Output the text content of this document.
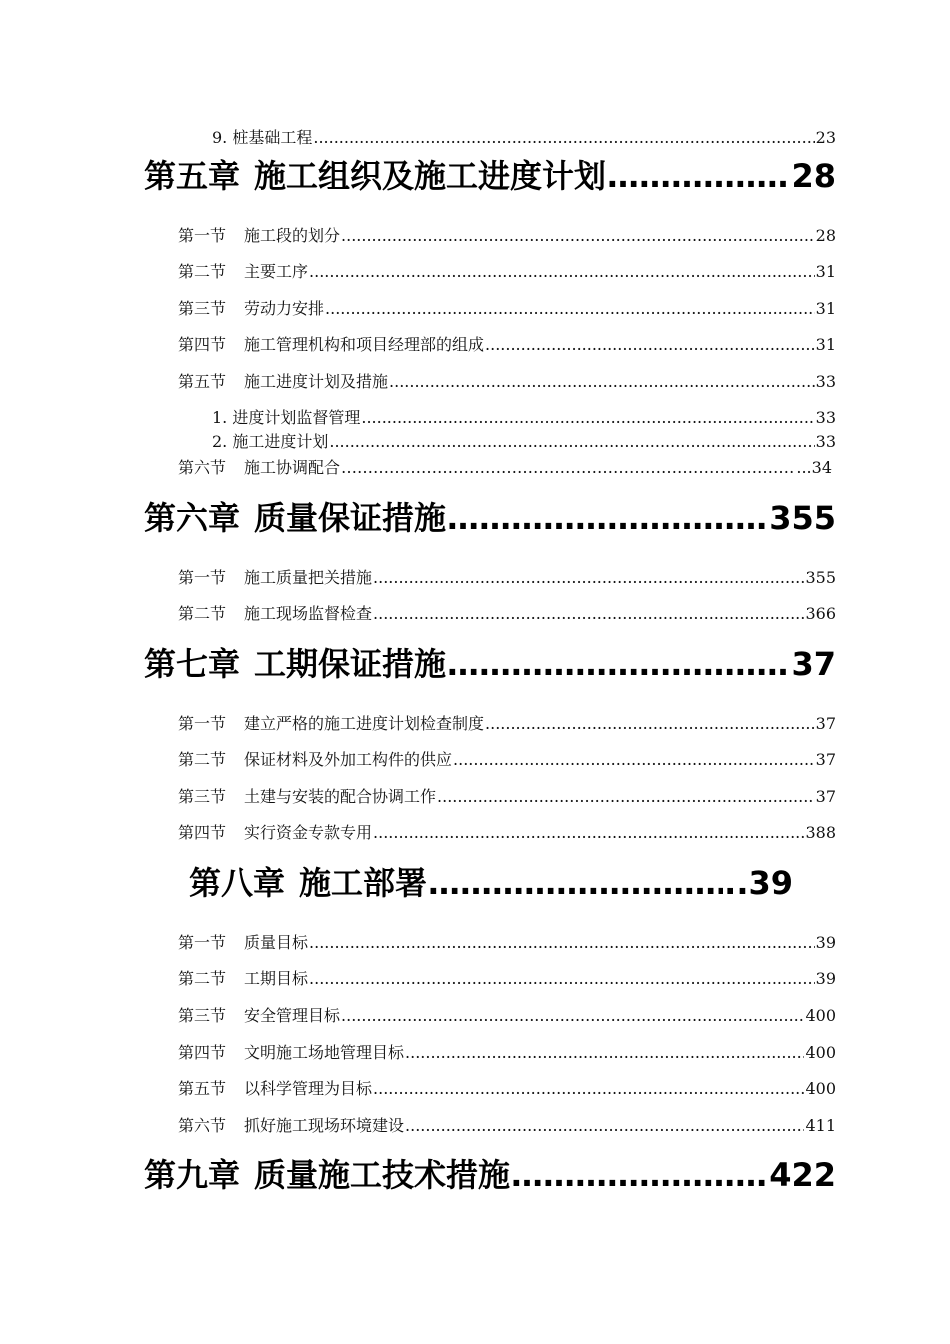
9. 桩基础工程 .....	23
第五章 施工组织及施工进度计划 ……………………………………………………………………………………………………………………	28
第一节 施工段的划分 .....	28
第二节 主要工序 .....	31
第三节 劳动力安排 .....	31
第四节 施工管理机构和项目经理部的组成 .....	31
第五节 施工进度计划及措施 .....	33
1. 进度计划监督管理 .....	33
2. 施工进度计划 .....	33
第六节 施工协调配合 ………………………………………………………………………………………………………………………………………………	...34
第六章 质量保证措施 ……………………………………………………………………………………………………………………	355
第一节 施工质量把关措施 .....	355
第二节 施工现场监督检查 .....	366
第七章 工期保证措施 ……………………………………………………………………………………………………………………	37
第一节 建立严格的施工进度计划检查制度 .....	37
第二节 保证材料及外加工构件的供应 .....	37
第三节 土建与安装的配合协调工作 .....	37
第四节 实行资金专款专用 .....	388
第八章 施工部署 ……………………………………………………………………………………………………………………	..39
第一节 质量目标 .....	39
第二节 工期目标 .....	39
第三节 安全管理目标 .....	400
第四节 文明施工场地管理目标 .....	400
第五节 以科学管理为目标 .....	400
第六节 抓好施工现场环境建设 .....	411
第九章 质量施工技术措施 ……………………………………………………………………………………………………………………	422
